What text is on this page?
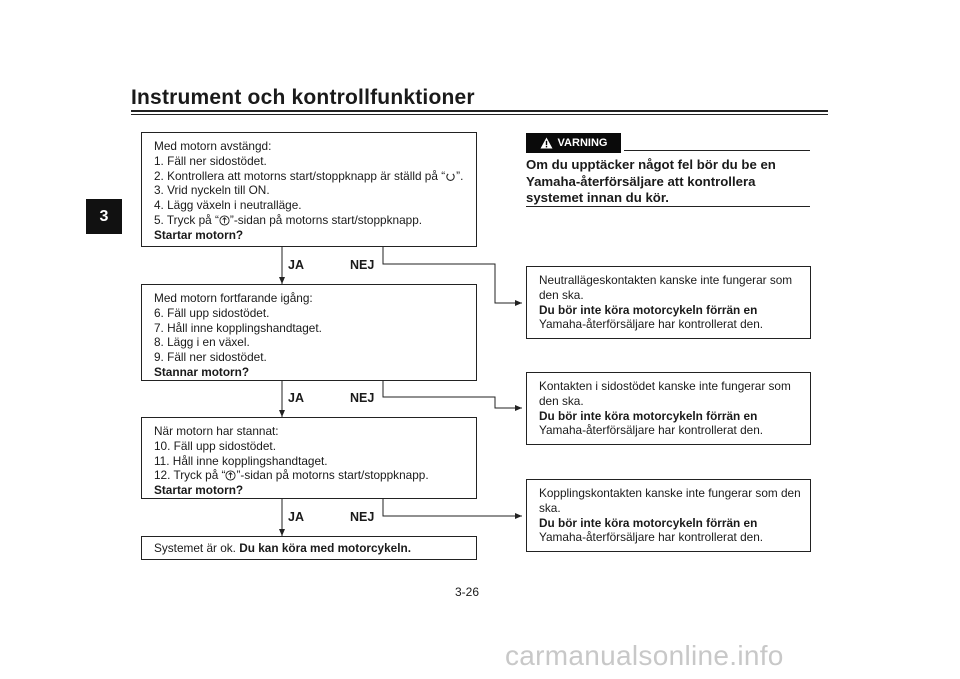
Instrument och kontrollfunktioner
3
Med motorn avstängd:
1. Fäll ner sidostödet.
2. Kontrollera att motorns start/stoppknapp är ställd på “ ”.
3. Vrid nyckeln till ON.
4. Lägg växeln i neutralläge.
5. Tryck på “ ”-sidan på motorns start/stoppknapp.
Startar motorn?
Med motorn fortfarande igång:
6. Fäll upp sidostödet.
7. Håll inne kopplingshandtaget.
8. Lägg i en växel.
9. Fäll ner sidostödet.
Stannar motorn?
När motorn har stannat:
10. Fäll upp sidostödet.
11. Håll inne kopplingshandtaget.
12. Tryck på “ ”-sidan på motorns start/stoppknapp.
Startar motorn?
Systemet är ok. Du kan köra med motorcykeln.
JA	NEJ
JA	NEJ
JA	NEJ
Neutrallägeskontakten kanske inte fungerar som
den ska.
Du bör inte köra motorcykeln förrän en
Yamaha-återförsäljare har kontrollerat den.
Kontakten i sidostödet kanske inte fungerar som
den ska.
Du bör inte köra motorcykeln förrän en
Yamaha-återförsäljare har kontrollerat den.
Kopplingskontakten kanske inte fungerar som den
ska.
Du bör inte köra motorcykeln förrän en
Yamaha-återförsäljare har kontrollerat den.
VARNING
Om du upptäcker något fel bör du be en
Yamaha-återförsäljare att kontrollera
systemet innan du kör.
3-26
carmanualsonline.info
